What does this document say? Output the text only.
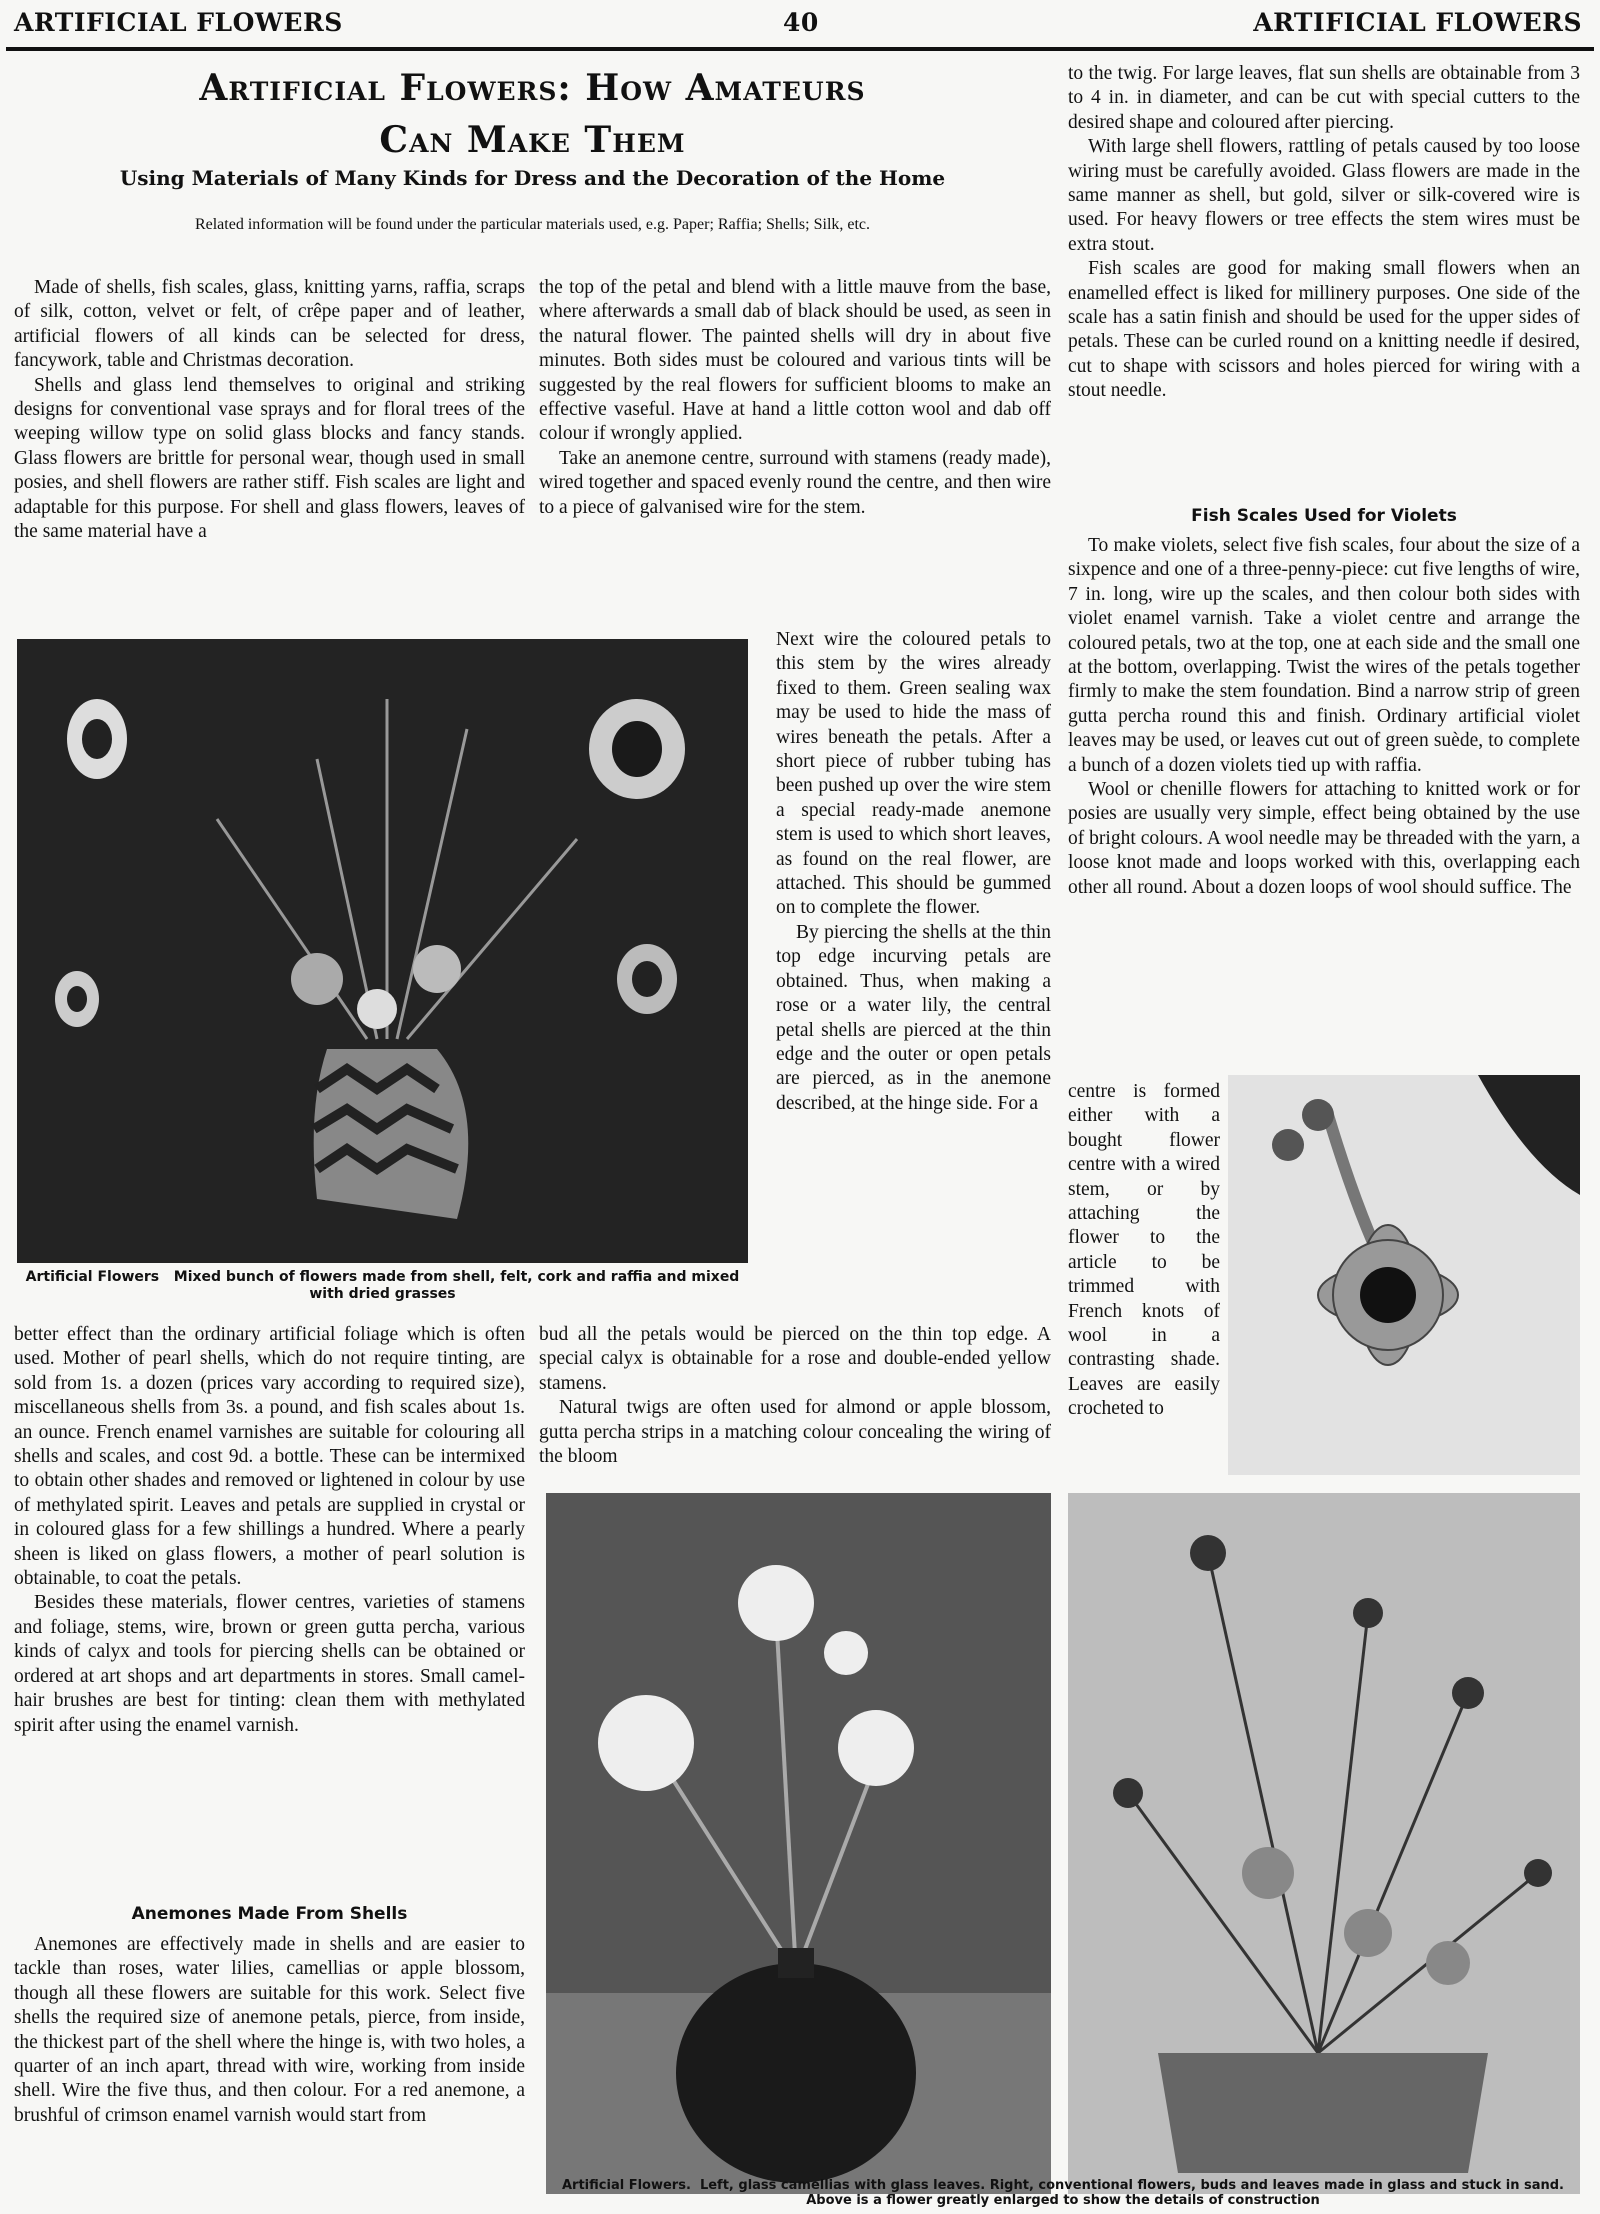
ARTIFICIAL FLOWERS	40	ARTIFICIAL FLOWERS
Artificial Flowers: How Amateurs
Can Make Them
Using Materials of Many Kinds for Dress and the Decoration of the Home
Related information will be found under the particular materials used, e.g. Paper; Raffia; Shells; Silk, etc.

Made of shells, fish scales, glass, knitting yarns, raffia, scraps of silk, cotton, velvet or felt, of crêpe paper and of leather, artificial flowers of all kinds can be selected for dress, fancywork, table and Christmas decoration.

Shells and glass lend themselves to original and striking designs for conventional vase sprays and for floral trees of the weeping willow type on solid glass blocks and fancy stands. Glass flowers are brittle for personal wear, though used in small posies, and shell flowers are rather stiff. Fish scales are light and adaptable for this purpose. For shell and glass flowers, leaves of the same material have a

the top of the petal and blend with a little mauve from the base, where afterwards a small dab of black should be used, as seen in the natural flower. The painted shells will dry in about five minutes. Both sides must be coloured and various tints will be suggested by the real flowers for sufficient blooms to make an effective vaseful. Have at hand a little cotton wool and dab off colour if wrongly applied.

Take an anemone centre, surround with stamens (ready made), wired together and spaced evenly round the centre, and then wire to a piece of galvanised wire for the stem.

Artificial Flowers Mixed bunch of flowers made from shell, felt, cork and raffia and mixed with dried grasses

Next wire the coloured petals to this stem by the wires already fixed to them. Green sealing wax may be used to hide the mass of wires beneath the petals. After a short piece of rubber tubing has been pushed up over the wire stem a special ready-made anemone stem is used to which short leaves, as found on the real flower, are attached. This should be gummed on to complete the flower.

By piercing the shells at the thin top edge incurving petals are obtained. Thus, when making a rose or a water lily, the central petal shells are pierced at the thin edge and the outer or open petals are pierced, as in the anemone described, at the hinge side. For a

better effect than the ordinary artificial foliage which is often used. Mother of pearl shells, which do not require tinting, are sold from 1s. a dozen (prices vary according to required size), miscellaneous shells from 3s. a pound, and fish scales about 1s. an ounce. French enamel varnishes are suitable for colouring all shells and scales, and cost 9d. a bottle. These can be intermixed to obtain other shades and removed or lightened in colour by use of methylated spirit. Leaves and petals are supplied in crystal or in coloured glass for a few shillings a hundred. Where a pearly sheen is liked on glass flowers, a mother of pearl solution is obtainable, to coat the petals.

Besides these materials, flower centres, varieties of stamens and foliage, stems, wire, brown or green gutta percha, various kinds of calyx and tools for piercing shells can be obtained or ordered at art shops and art departments in stores. Small camel-hair brushes are best for tinting: clean them with methylated spirit after using the enamel varnish.

Anemones Made From Shells

Anemones are effectively made in shells and are easier to tackle than roses, water lilies, camellias or apple blossom, though all these flowers are suitable for this work. Select five shells the required size of anemone petals, pierce, from inside, the thickest part of the shell where the hinge is, with two holes, a quarter of an inch apart, thread with wire, working from inside shell. Wire the five thus, and then colour. For a red anemone, a brushful of crimson enamel varnish would start from

bud all the petals would be pierced on the thin top edge. A special calyx is obtainable for a rose and double-ended yellow stamens.

Natural twigs are often used for almond or apple blossom, gutta percha strips in a matching colour concealing the wiring of the bloom

to the twig. For large leaves, flat sun shells are obtainable from 3 to 4 in. in diameter, and can be cut with special cutters to the desired shape and coloured after piercing.

With large shell flowers, rattling of petals caused by too loose wiring must be carefully avoided. Glass flowers are made in the same manner as shell, but gold, silver or silk-covered wire is used. For heavy flowers or tree effects the stem wires must be extra stout.

Fish scales are good for making small flowers when an enamelled effect is liked for millinery purposes. One side of the scale has a satin finish and should be used for the upper sides of petals. These can be curled round on a knitting needle if desired, cut to shape with scissors and holes pierced for wiring with a stout needle.

Fish Scales Used for Violets

To make violets, select five fish scales, four about the size of a sixpence and one of a three-penny-piece: cut five lengths of wire, 7 in. long, wire up the scales, and then colour both sides with violet enamel varnish. Take a violet centre and arrange the coloured petals, two at the top, one at each side and the small one at the bottom, overlapping. Twist the wires of the petals together firmly to make the stem foundation. Bind a narrow strip of green gutta percha round this and finish. Ordinary artificial violet leaves may be used, or leaves cut out of green suède, to complete a bunch of a dozen violets tied up with raffia.

Wool or chenille flowers for attaching to knitted work or for posies are usually very simple, effect being obtained by the use of bright colours. A wool needle may be threaded with the yarn, a loose knot made and loops worked with this, overlapping each other all round. About a dozen loops of wool should suffice. The

centre is formed either with a bought flower centre with a wired stem, or by attaching the flower to the article to be trimmed with French knots of wool in a contrasting shade. Leaves are easily crocheted to

Artificial Flowers. Left, glass camellias with glass leaves. Right, conventional flowers, buds and leaves made in glass and stuck in sand. Above is a flower greatly enlarged to show the details of construction
